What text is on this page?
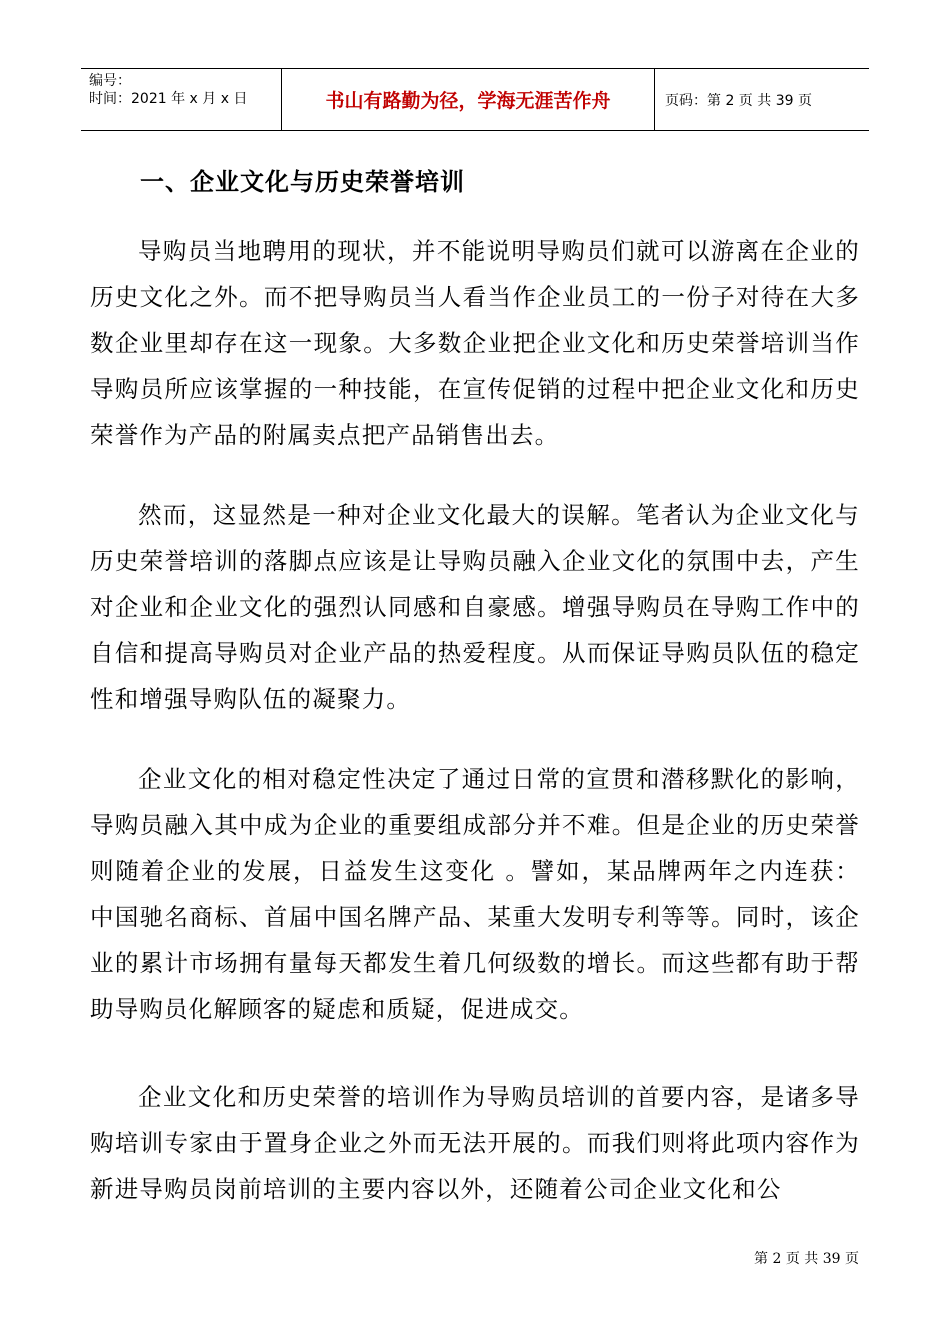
编号：
时间：2021 年 x 月 x 日	书山有路勤为径，学海无涯苦作舟	页码：第 2 页 共 39 页
一、企业文化与历史荣誉培训

导购员当地聘用的现状，并不能说明导购员们就可以游离在企业的历史文化之外。而不把导购员当人看当作企业员工的一份子对待在大多数企业里却存在这一现象。大多数企业把企业文化和历史荣誉培训当作导购员所应该掌握的一种技能，在宣传促销的过程中把企业文化和历史荣誉作为产品的附属卖点把产品销售出去。

然而，这显然是一种对企业文化最大的误解。笔者认为企业文化与历史荣誉培训的落脚点应该是让导购员融入企业文化的氛围中去，产生对企业和企业文化的强烈认同感和自豪感。增强导购员在导购工作中的自信和提高导购员对企业产品的热爱程度。从而保证导购员队伍的稳定性和增强导购队伍的凝聚力。

企业文化的相对稳定性决定了通过日常的宣贯和潜移默化的影响，导购员融入其中成为企业的重要组成部分并不难。但是企业的历史荣誉则随着企业的发展，日益发生这变化 。譬如，某品牌两年之内连获：中国驰名商标、首届中国名牌产品、某重大发明专利等等。同时，该企业的累计市场拥有量每天都发生着几何级数的增长。而这些都有助于帮助导购员化解顾客的疑虑和质疑，促进成交。

企业文化和历史荣誉的培训作为导购员培训的首要内容，是诸多导购培训专家由于置身企业之外而无法开展的。而我们则将此项内容作为新进导购员岗前培训的主要内容以外，还随着公司企业文化和公

第 2 页 共 39 页
